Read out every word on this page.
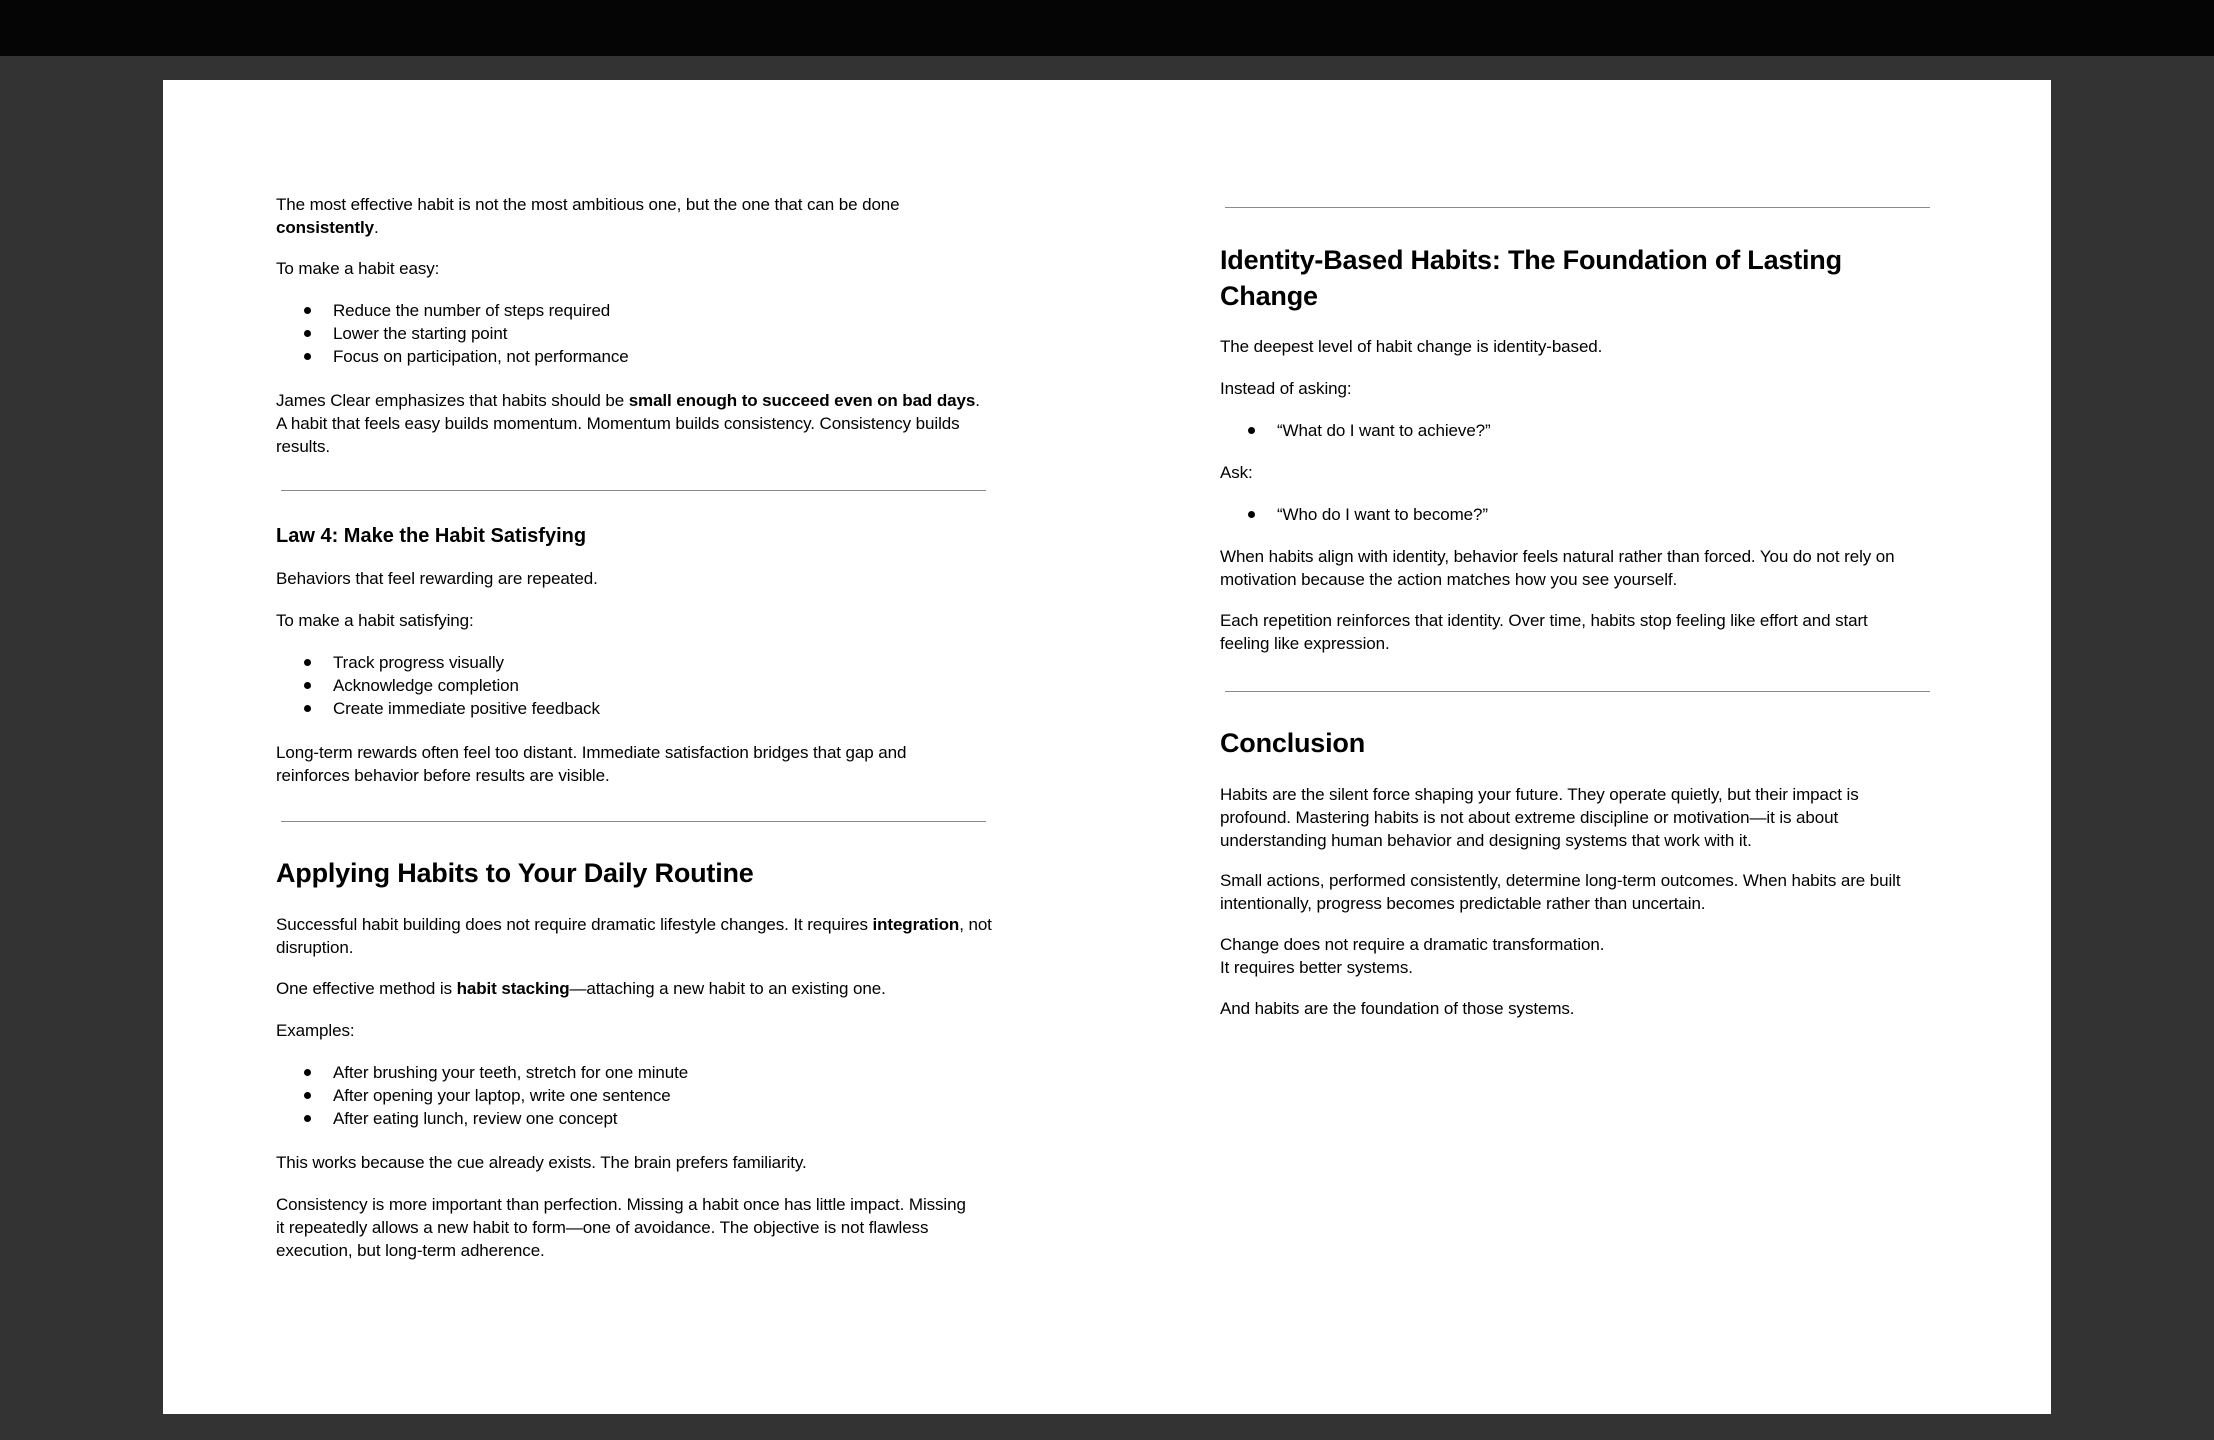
The most effective habit is not the most ambitious one, but the one that can be done consistently.

To make a habit easy:

Reduce the number of steps required
Lower the starting point
Focus on participation, not performance

James Clear emphasizes that habits should be small enough to succeed even on bad days. A habit that feels easy builds momentum. Momentum builds consistency. Consistency builds results.

Law 4: Make the Habit Satisfying

Behaviors that feel rewarding are repeated.

To make a habit satisfying:

Track progress visually
Acknowledge completion
Create immediate positive feedback

Long-term rewards often feel too distant. Immediate satisfaction bridges that gap and reinforces behavior before results are visible.

Applying Habits to Your Daily Routine

Successful habit building does not require dramatic lifestyle changes. It requires integration, not disruption.

One effective method is habit stacking—attaching a new habit to an existing one.

Examples:

After brushing your teeth, stretch for one minute
After opening your laptop, write one sentence
After eating lunch, review one concept

This works because the cue already exists. The brain prefers familiarity.

Consistency is more important than perfection. Missing a habit once has little impact. Missing it repeatedly allows a new habit to form—one of avoidance. The objective is not flawless execution, but long-term adherence.

Identity-Based Habits: The Foundation of Lasting Change

The deepest level of habit change is identity-based.

Instead of asking:

“What do I want to achieve?”

Ask:

“Who do I want to become?”

When habits align with identity, behavior feels natural rather than forced. You do not rely on motivation because the action matches how you see yourself.

Each repetition reinforces that identity. Over time, habits stop feeling like effort and start feeling like expression.

Conclusion

Habits are the silent force shaping your future. They operate quietly, but their impact is profound. Mastering habits is not about extreme discipline or motivation—it is about understanding human behavior and designing systems that work with it.

Small actions, performed consistently, determine long-term outcomes. When habits are built intentionally, progress becomes predictable rather than uncertain.

Change does not require a dramatic transformation.
It requires better systems.

And habits are the foundation of those systems.
